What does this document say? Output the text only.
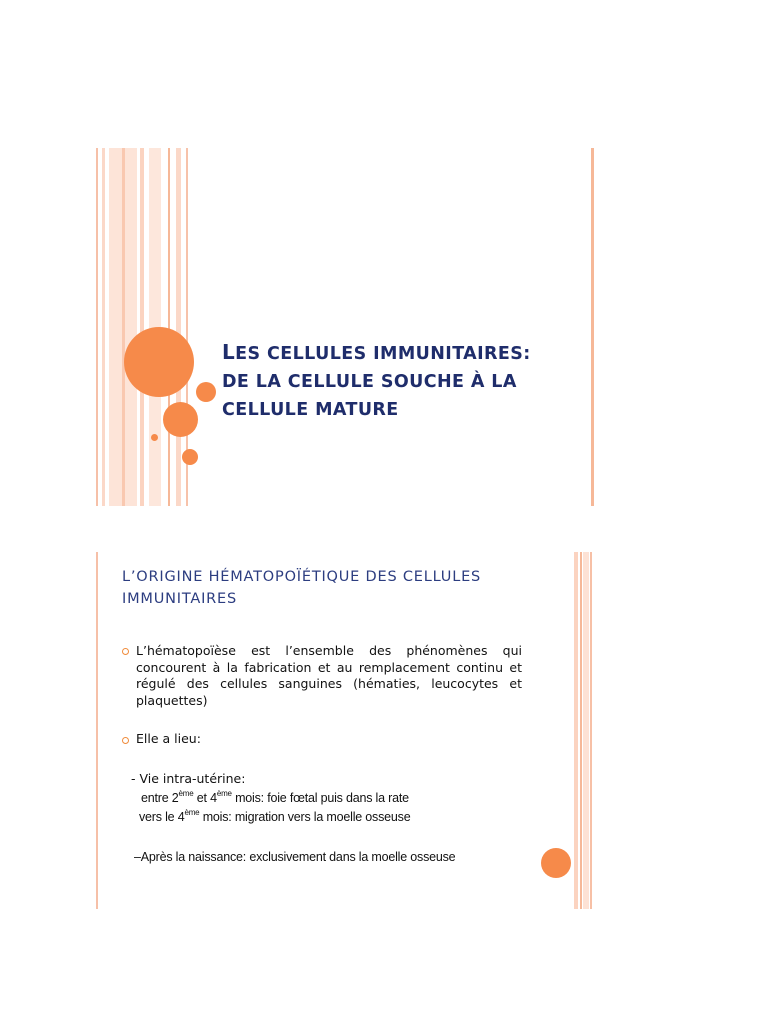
LES CELLULES IMMUNITAIRES:
DE LA CELLULE SOUCHE À LA
CELLULE MATURE
L’ORIGINE HÉMATOPOÏÉTIQUE DES CELLULES
IMMUNITAIRES
L’hématopoïèse est l’ensemble des phénomènes qui
concourent à la fabrication et au remplacement continu et
régulé des cellules sanguines (hématies, leucocytes et
plaquettes)
Elle a lieu:
- Vie intra-utérine:
entre 2ème et 4ème mois: foie fœtal puis dans la rate
vers le 4ème mois: migration vers la moelle osseuse
–Après la naissance: exclusivement dans la moelle osseuse
